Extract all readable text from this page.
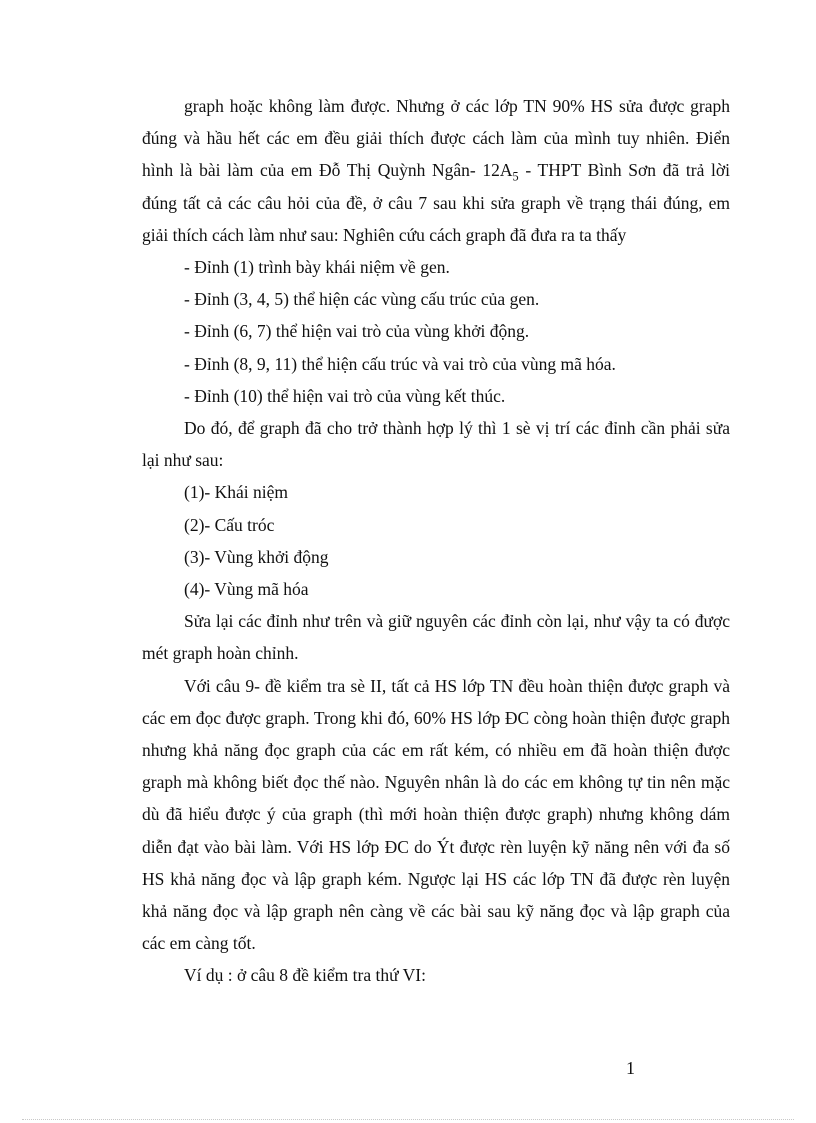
graph hoặc không làm được. Nhưng ở các lớp TN 90% HS sửa được graph đúng và hầu hết các em đều giải thích được cách làm của mình tuy nhiên. Điển hình là bài làm của em Đỗ Thị Quỳnh Ngân- $12A_5$ - THPT Bình Sơn đã trả lời đúng tất cả các câu hỏi của đề, ở câu 7 sau khi sửa graph về trạng thái đúng, em giải thích cách làm như sau: Nghiên cứu cách graph đã đưa ra ta thấy

- Đỉnh (1) trình bày khái niệm về gen.

- Đỉnh (3, 4, 5) thể hiện các vùng cấu trúc của gen.

- Đỉnh (6, 7) thể hiện vai trò của vùng khởi động.

- Đỉnh (8, 9, 11) thể hiện cấu trúc và vai trò của vùng mã hóa.

- Đỉnh (10) thể hiện vai trò của vùng kết thúc.

Do đó, để graph đã cho trở thành hợp lý thì 1 sè vị trí các đỉnh cần phải sửa lại như sau:

(1)- Khái niệm

(2)- Cấu tróc

(3)- Vùng khởi động

(4)- Vùng mã hóa

Sửa lại các đỉnh như trên và giữ nguyên các đỉnh còn lại, như vậy ta có được mét graph hoàn chỉnh.

Với câu 9- đề kiểm tra sè II, tất cả HS lớp TN đều hoàn thiện được graph và các em đọc được graph. Trong khi đó, 60% HS lớp ĐC còng hoàn thiện được graph nhưng khả năng đọc graph của các em rất kém, có nhiều em đã hoàn thiện được graph mà không biết đọc thế nào. Nguyên nhân là do các em không tự tin nên mặc dù đã hiểu được ý của graph (thì mới hoàn thiện được graph) nhưng không dám diễn đạt vào bài làm. Với HS lớp ĐC do Ýt được rèn luyện kỹ năng nên với đa số HS khả năng đọc và lập graph kém. Ngược lại HS các lớp TN đã được rèn luyện khả năng đọc và lập graph nên càng về các bài sau kỹ năng đọc và lập graph của các em càng tốt.

Ví dụ : ở câu 8 đề kiểm tra thứ VI:

1
